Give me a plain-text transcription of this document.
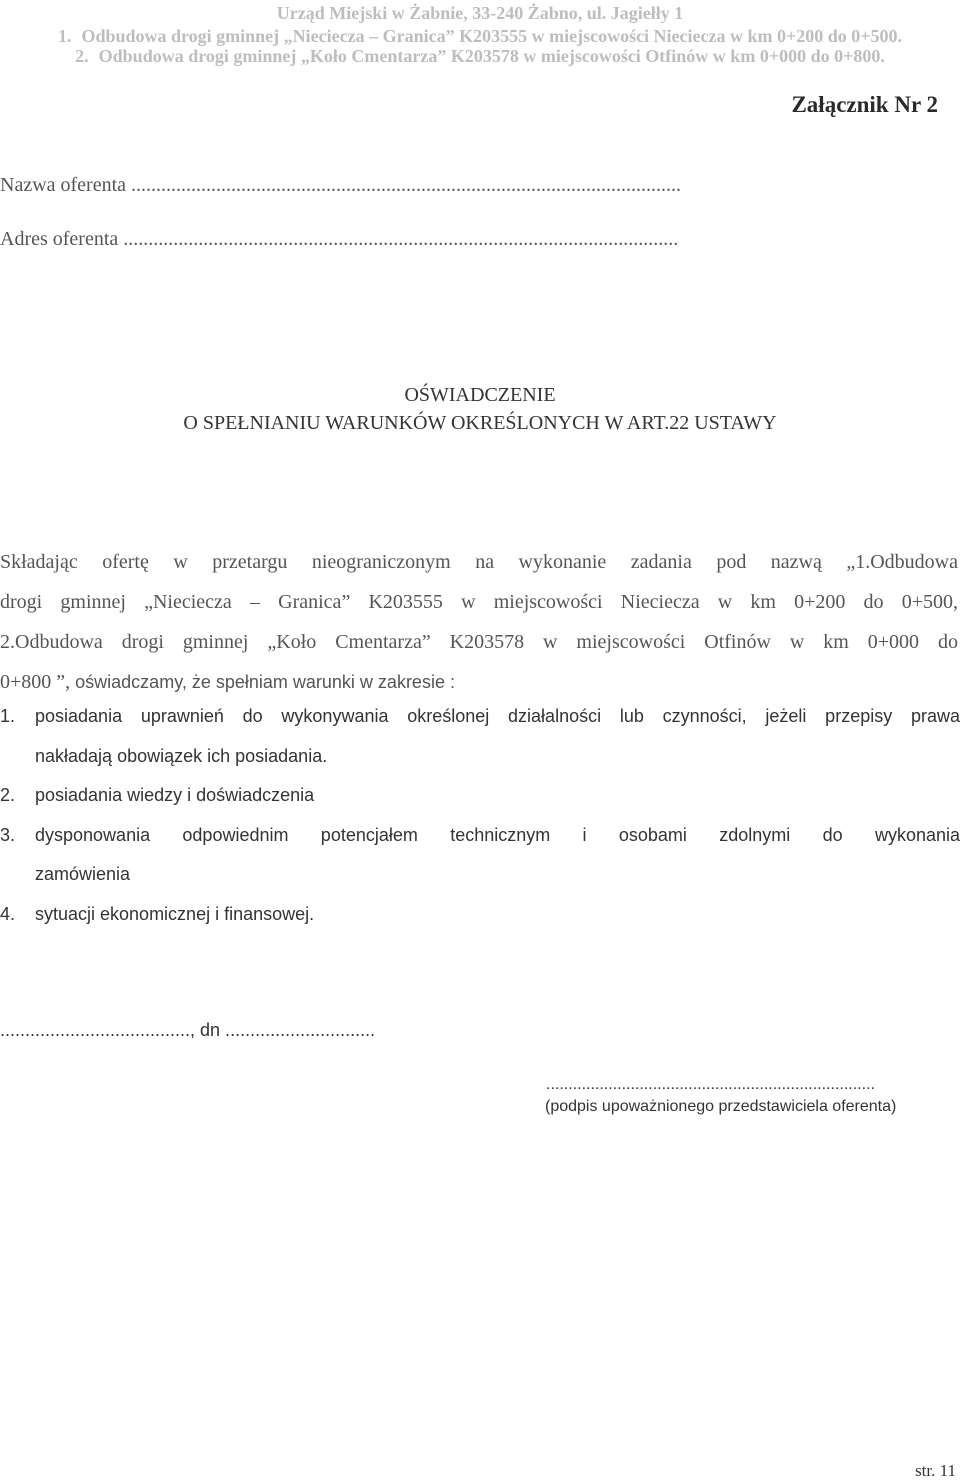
Urząd Miejski w Żabnie, 33-240 Żabno, ul. Jagiełły 1
1. Odbudowa drogi gminnej „Nieciecza – Granica” K203555 w miejscowości Nieciecza w km 0+200 do 0+500.
2. Odbudowa drogi gminnej „Koło Cmentarza” K203578 w miejscowości Otfinów w km 0+000 do 0+800.
Załącznik Nr 2
Nazwa oferenta ..............................................................................................................
Adres oferenta ...............................................................................................................
OŚWIADCZENIE
O SPEŁNIANIU WARUNKÓW OKREŚLONYCH W ART.22 USTAWY
Składając ofertę w przetargu nieograniczonym na wykonanie zadania pod nazwą „1.Odbudowa
drogi gminnej „Nieciecza – Granica” K203555 w miejscowości Nieciecza w km 0+200 do 0+500,
2.Odbudowa drogi gminnej „Koło Cmentarza” K203578 w miejscowości Otfinów w km 0+000 do
0+800 ”, oświadczamy, że spełniam warunki w zakresie :
1.	posiadania uprawnień do wykonywania określonej działalności lub czynności, jeżeli przepisy prawa
nakładają obowiązek ich posiadania.
2.	posiadania wiedzy i doświadczenia
3.	dysponowania odpowiednim potencjałem technicznym i osobami zdolnymi do wykonania
zamówienia
4.	sytuacji ekonomicznej i finansowej.
......................................, dn ..............................
..........................................................................
(podpis upoważnionego przedstawiciela oferenta)
str. 11
